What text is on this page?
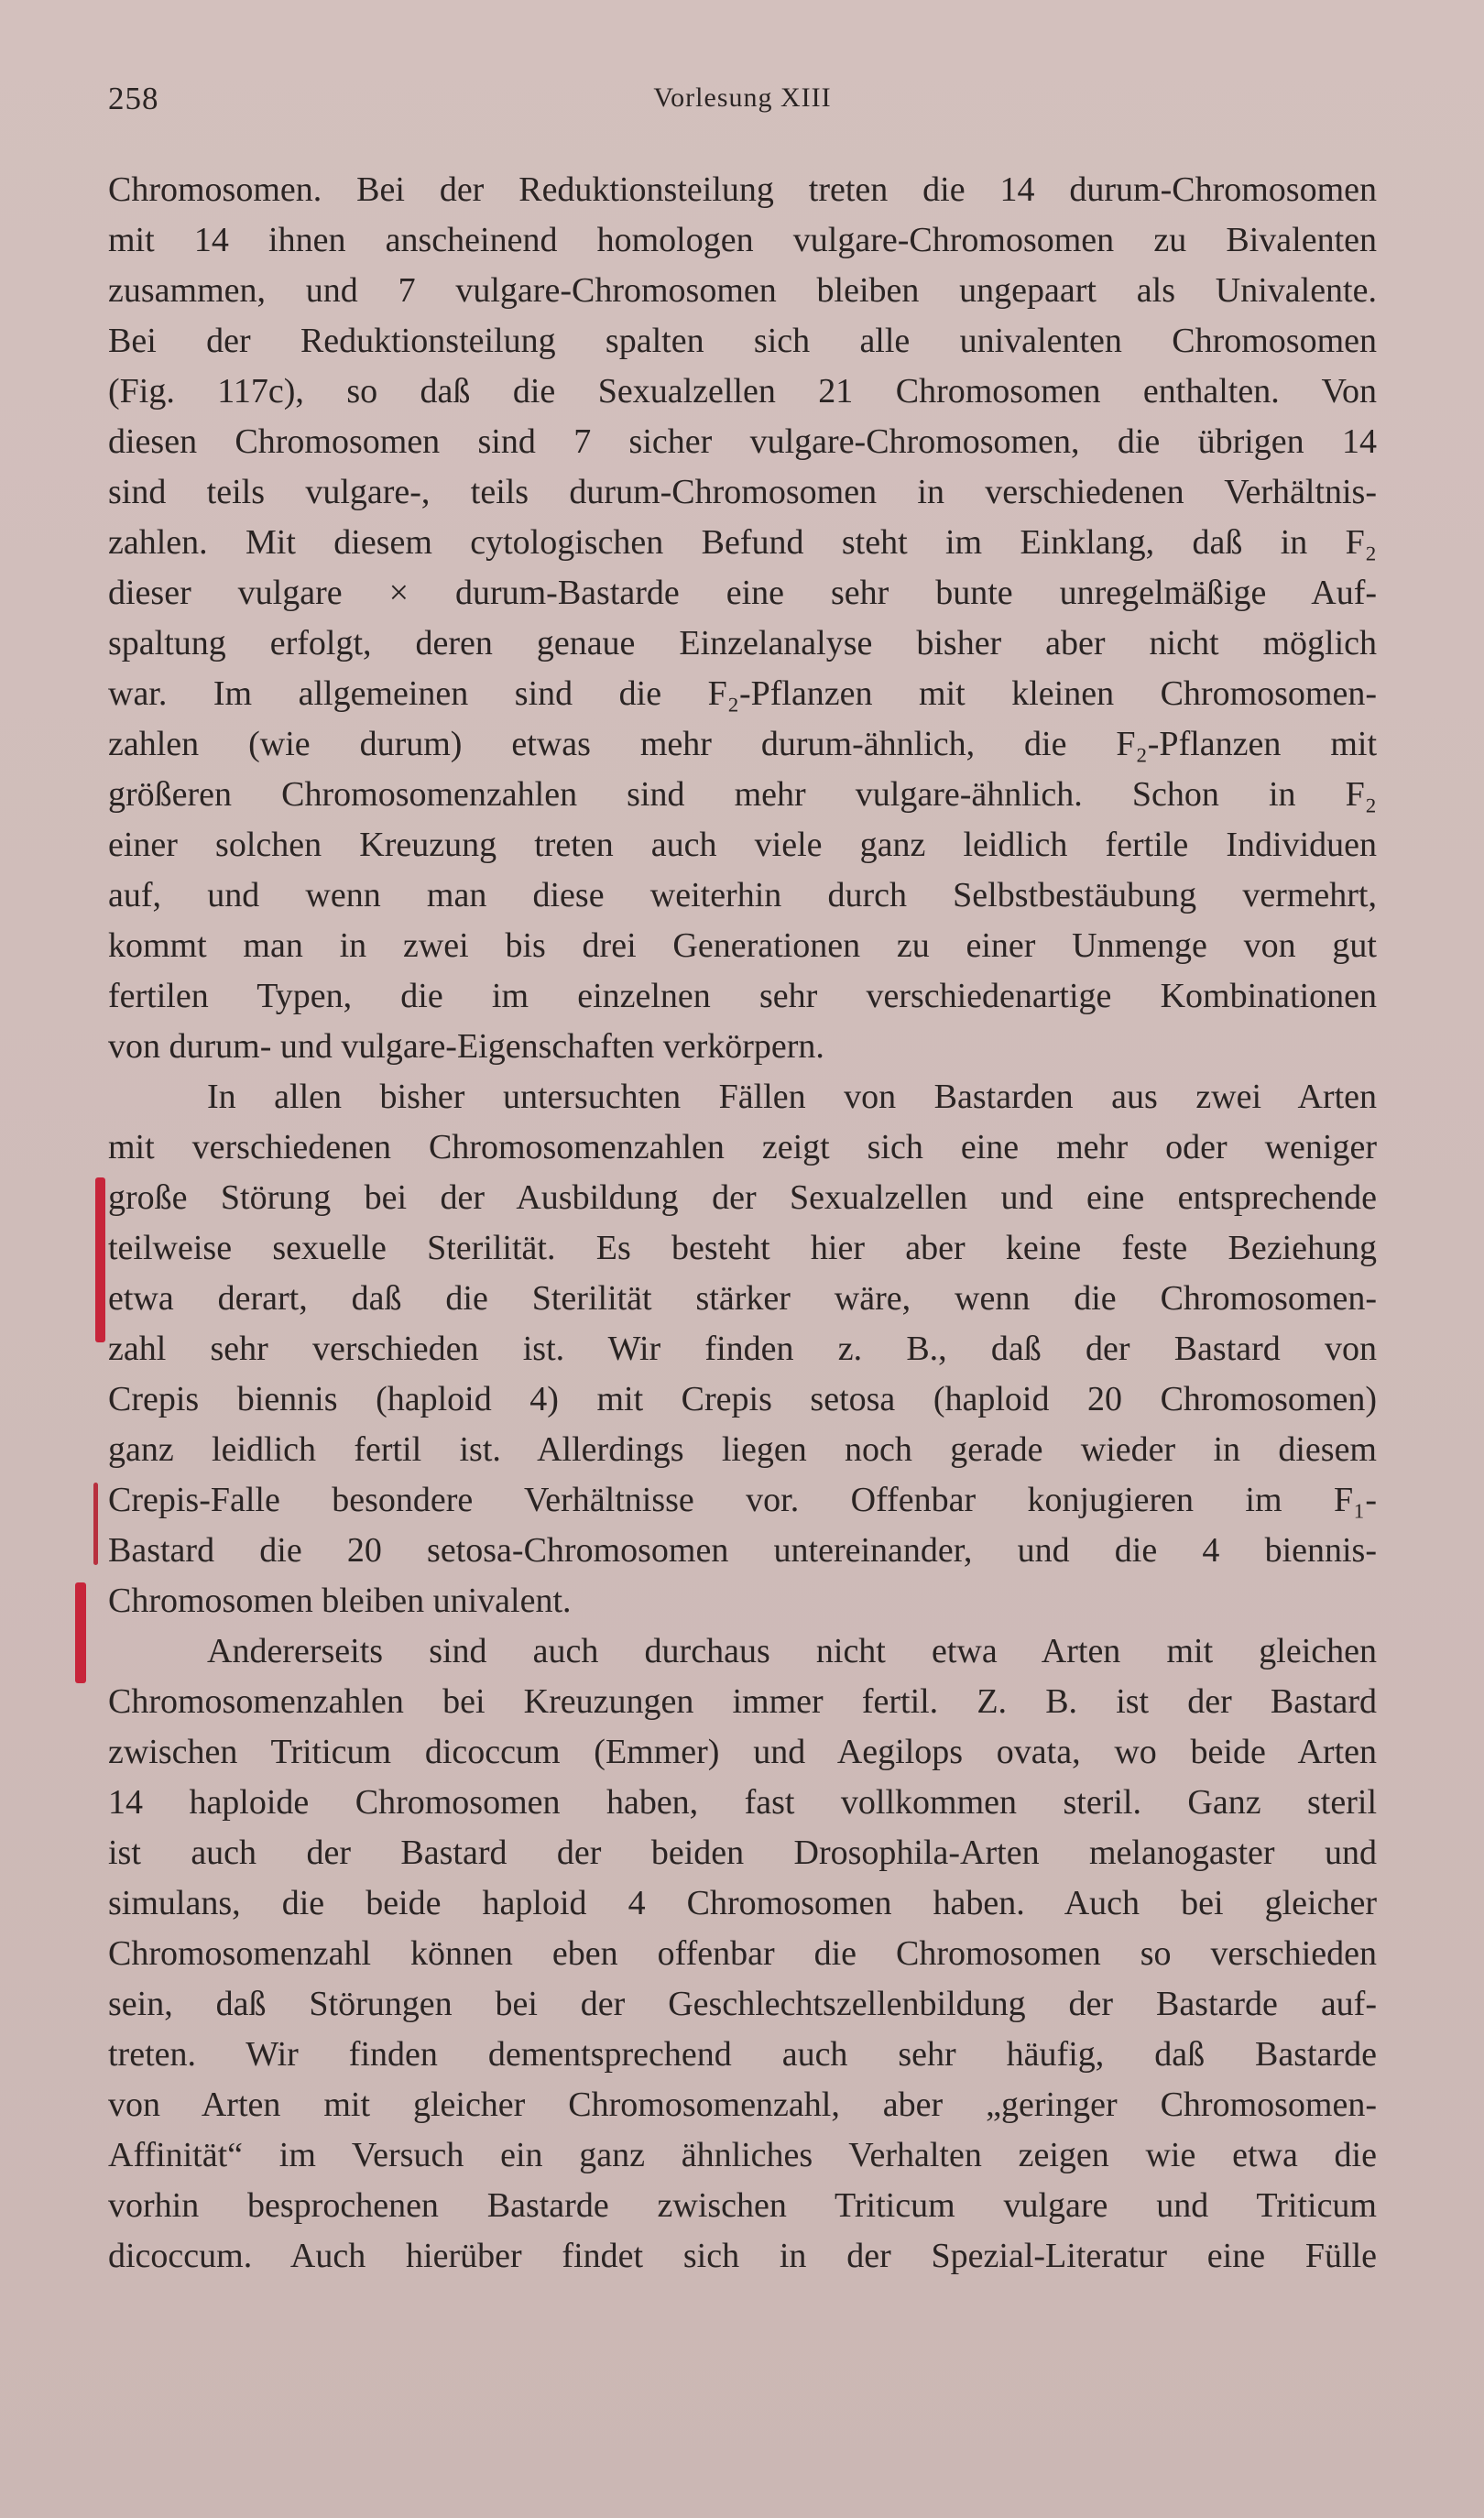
258	Vorlesung XIII
Chromosomen. Bei der Reduktionsteilung treten die 14 durum-Chromosomen
mit 14 ihnen anscheinend homologen vulgare-Chromosomen zu Bivalenten
zusammen, und 7 vulgare-Chromosomen bleiben ungepaart als Univalente.
Bei der Reduktionsteilung spalten sich alle univalenten Chromosomen
(Fig. 117c), so daß die Sexualzellen 21 Chromosomen enthalten. Von
diesen Chromosomen sind 7 sicher vulgare-Chromosomen, die übrigen 14
sind teils vulgare-, teils durum-Chromosomen in verschiedenen Verhältnis-
zahlen. Mit diesem cytologischen Befund steht im Einklang, daß in F₂
dieser vulgare × durum-Bastarde eine sehr bunte unregelmäßige Auf-
spaltung erfolgt, deren genaue Einzelanalyse bisher aber nicht möglich
war. Im allgemeinen sind die F₂-Pflanzen mit kleinen Chromosomen-
zahlen (wie durum) etwas mehr durum-ähnlich, die F₂-Pflanzen mit
größeren Chromosomenzahlen sind mehr vulgare-ähnlich. Schon in F₂
einer solchen Kreuzung treten auch viele ganz leidlich fertile Individuen
auf, und wenn man diese weiterhin durch Selbstbestäubung vermehrt,
kommt man in zwei bis drei Generationen zu einer Unmenge von gut
fertilen Typen, die im einzelnen sehr verschiedenartige Kombinationen
von durum- und vulgare-Eigenschaften verkörpern.
In allen bisher untersuchten Fällen von Bastarden aus zwei Arten
mit verschiedenen Chromosomenzahlen zeigt sich eine mehr oder weniger
große Störung bei der Ausbildung der Sexualzellen und eine entsprechende
teilweise sexuelle Sterilität. Es besteht hier aber keine feste Beziehung
etwa derart, daß die Sterilität stärker wäre, wenn die Chromosomen-
zahl sehr verschieden ist. Wir finden z. B., daß der Bastard von
Crepis biennis (haploid 4) mit Crepis setosa (haploid 20 Chromosomen)
ganz leidlich fertil ist. Allerdings liegen noch gerade wieder in diesem
Crepis-Falle besondere Verhältnisse vor. Offenbar konjugieren im F₁-
Bastard die 20 setosa-Chromosomen untereinander, und die 4 biennis-
Chromosomen bleiben univalent.
Andererseits sind auch durchaus nicht etwa Arten mit gleichen
Chromosomenzahlen bei Kreuzungen immer fertil. Z. B. ist der Bastard
zwischen Triticum dicoccum (Emmer) und Aegilops ovata, wo beide Arten
14 haploide Chromosomen haben, fast vollkommen steril. Ganz steril
ist auch der Bastard der beiden Drosophila-Arten melanogaster und
simulans, die beide haploid 4 Chromosomen haben. Auch bei gleicher
Chromosomenzahl können eben offenbar die Chromosomen so verschieden
sein, daß Störungen bei der Geschlechtszellenbildung der Bastarde auf-
treten. Wir finden dementsprechend auch sehr häufig, daß Bastarde
von Arten mit gleicher Chromosomenzahl, aber „geringer Chromosomen-
Affinität“ im Versuch ein ganz ähnliches Verhalten zeigen wie etwa die
vorhin besprochenen Bastarde zwischen Triticum vulgare und Triticum
dicoccum. Auch hierüber findet sich in der Spezial-Literatur eine Fülle
